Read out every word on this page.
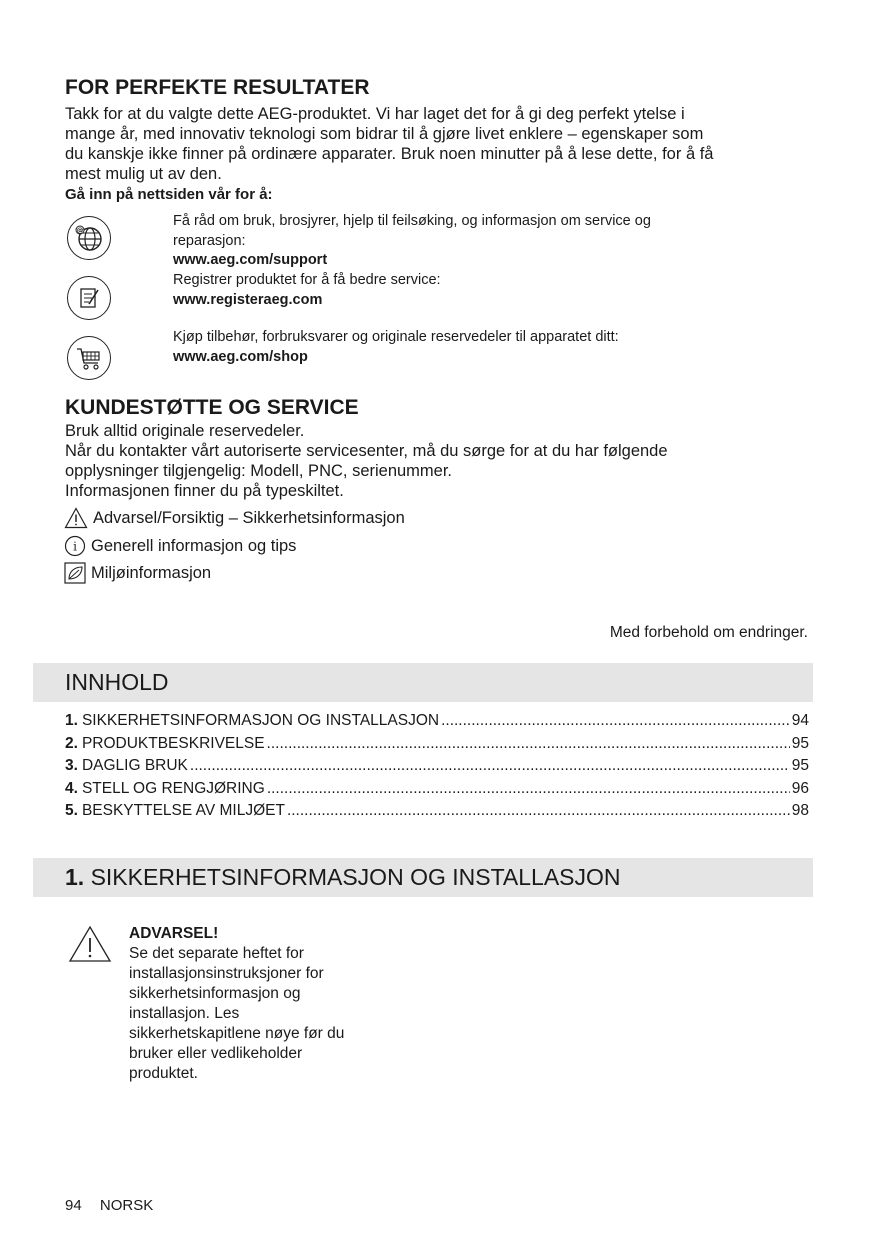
FOR PERFEKTE RESULTATER
Takk for at du valgte dette AEG-produktet. Vi har laget det for å gi deg perfekt ytelse i
mange år, med innovativ teknologi som bidrar til å gjøre livet enklere – egenskaper som
du kanskje ikke finner på ordinære apparater. Bruk noen minutter på å lese dette, for å få
mest mulig ut av den.
Gå inn på nettsiden vår for å:
@
Få råd om bruk, brosjyrer, hjelp til feilsøking, og informasjon om service og
reparasjon:
www.aeg.com/support
Registrer produktet for å få bedre service:
www.registeraeg.com
Kjøp tilbehør, forbruksvarer og originale reservedeler til apparatet ditt:
www.aeg.com/shop
KUNDESTØTTE OG SERVICE
Bruk alltid originale reservedeler.
Når du kontakter vårt autoriserte servicesenter, må du sørge for at du har følgende
opplysninger tilgjengelig: Modell, PNC, serienummer.
Informasjonen finner du på typeskiltet.
Advarsel/Forsiktig – Sikkerhetsinformasjon
i Generell informasjon og tips
Miljøinformasjon
Med forbehold om endringer.
INNHOLD
1. SIKKERHETSINFORMASJON OG INSTALLASJON .....	94
2. PRODUKTBESKRIVELSE .....	95
3. DAGLIG BRUK .....	95
4. STELL OG RENGJØRING .....	96
5. BESKYTTELSE AV MILJØET .....	98
1. SIKKERHETSINFORMASJON OG INSTALLASJON
ADVARSEL!
Se det separate heftet for
installasjonsinstruksjoner for
sikkerhetsinformasjon og
installasjon. Les
sikkerhetskapitlene nøye før du
bruker eller vedlikeholder
produktet.
94 NORSK
